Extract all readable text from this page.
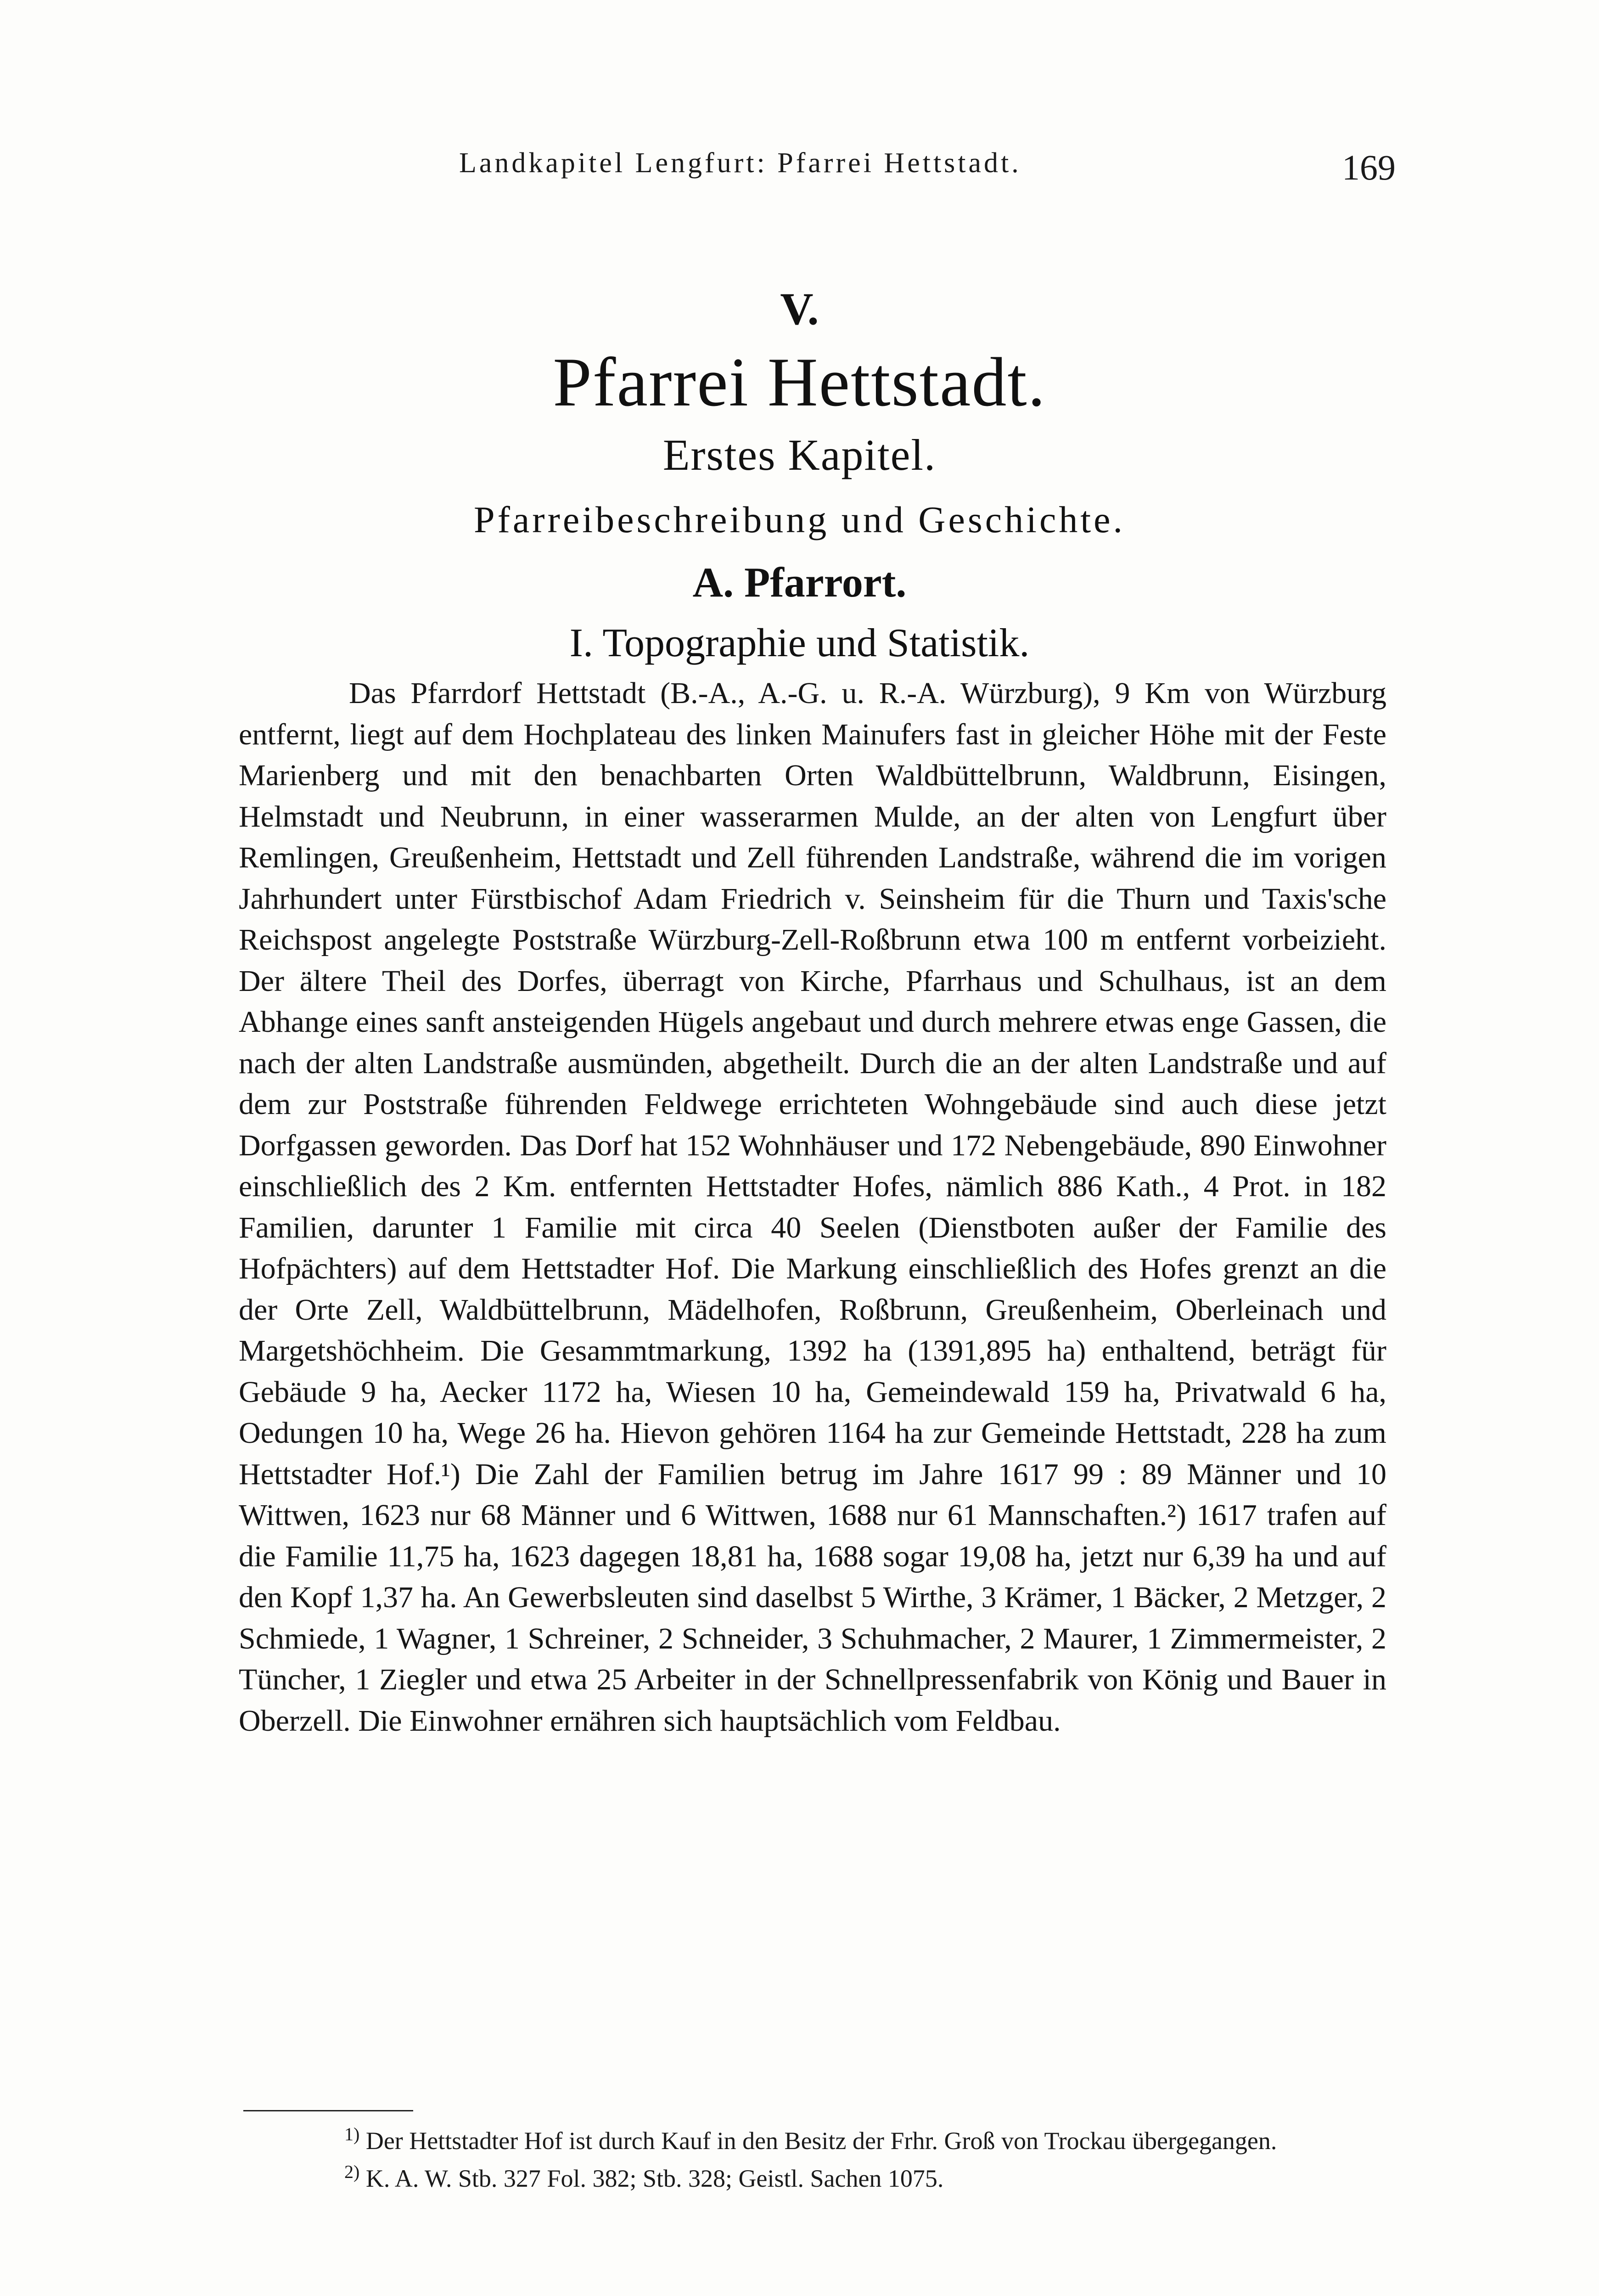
Landkapitel Lengfurt: Pfarrei Hettstadt.	169
V.
Pfarrei Hettstadt.
Erstes Kapitel.
Pfarreibeschreibung und Geschichte.
A. Pfarrort.
I. Topographie und Statistik.

Das Pfarrdorf Hettstadt (B.-A., A.-G. u. R.-A. Würzburg), 9 Km von Würzburg entfernt, liegt auf dem Hochplateau des linken Mainufers fast in gleicher Höhe mit der Feste Marienberg und mit den benachbarten Orten Waldbüttelbrunn, Waldbrunn, Eisingen, Helmstadt und Neubrunn, in einer wasserarmen Mulde, an der alten von Lengfurt über Remlingen, Greußenheim, Hettstadt und Zell führenden Landstraße, während die im vorigen Jahrhundert unter Fürstbischof Adam Friedrich v. Seinsheim für die Thurn und Taxis'sche Reichspost angelegte Poststraße Würzburg-Zell-Roßbrunn etwa 100 m entfernt vorbeizieht. Der ältere Theil des Dorfes, überragt von Kirche, Pfarrhaus und Schulhaus, ist an dem Abhange eines sanft ansteigenden Hügels angebaut und durch mehrere etwas enge Gassen, die nach der alten Landstraße ausmünden, abgetheilt. Durch die an der alten Landstraße und auf dem zur Poststraße führenden Feldwege errichteten Wohngebäude sind auch diese jetzt Dorfgassen geworden. Das Dorf hat 152 Wohnhäuser und 172 Nebengebäude, 890 Einwohner einschließlich des 2 Km. entfernten Hettstadter Hofes, nämlich 886 Kath., 4 Prot. in 182 Familien, darunter 1 Familie mit circa 40 Seelen (Dienstboten außer der Familie des Hofpächters) auf dem Hettstadter Hof. Die Markung einschließlich des Hofes grenzt an die der Orte Zell, Waldbüttelbrunn, Mädelhofen, Roßbrunn, Greußenheim, Oberleinach und Margetshöchheim. Die Gesammtmarkung, 1392 ha (1391,895 ha) enthaltend, beträgt für Gebäude 9 ha, Aecker 1172 ha, Wiesen 10 ha, Gemeindewald 159 ha, Privatwald 6 ha, Oedungen 10 ha, Wege 26 ha. Hievon gehören 1164 ha zur Gemeinde Hettstadt, 228 ha zum Hettstadter Hof.¹) Die Zahl der Familien betrug im Jahre 1617 99 : 89 Männer und 10 Wittwen, 1623 nur 68 Männer und 6 Wittwen, 1688 nur 61 Mannschaften.²) 1617 trafen auf die Familie 11,75 ha, 1623 dagegen 18,81 ha, 1688 sogar 19,08 ha, jetzt nur 6,39 ha und auf den Kopf 1,37 ha. An Gewerbsleuten sind daselbst 5 Wirthe, 3 Krämer, 1 Bäcker, 2 Metzger, 2 Schmiede, 1 Wagner, 1 Schreiner, 2 Schneider, 3 Schuhmacher, 2 Maurer, 1 Zimmermeister, 2 Tüncher, 1 Ziegler und etwa 25 Arbeiter in der Schnellpressenfabrik von König und Bauer in Oberzell. Die Einwohner ernähren sich hauptsächlich vom Feldbau.

$^{1)}$ Der Hettstadter Hof ist durch Kauf in den Besitz der Frhr. Groß von Trockau übergegangen.

$^{2)}$ K. A. W. Stb. 327 Fol. 382; Stb. 328; Geistl. Sachen 1075.
